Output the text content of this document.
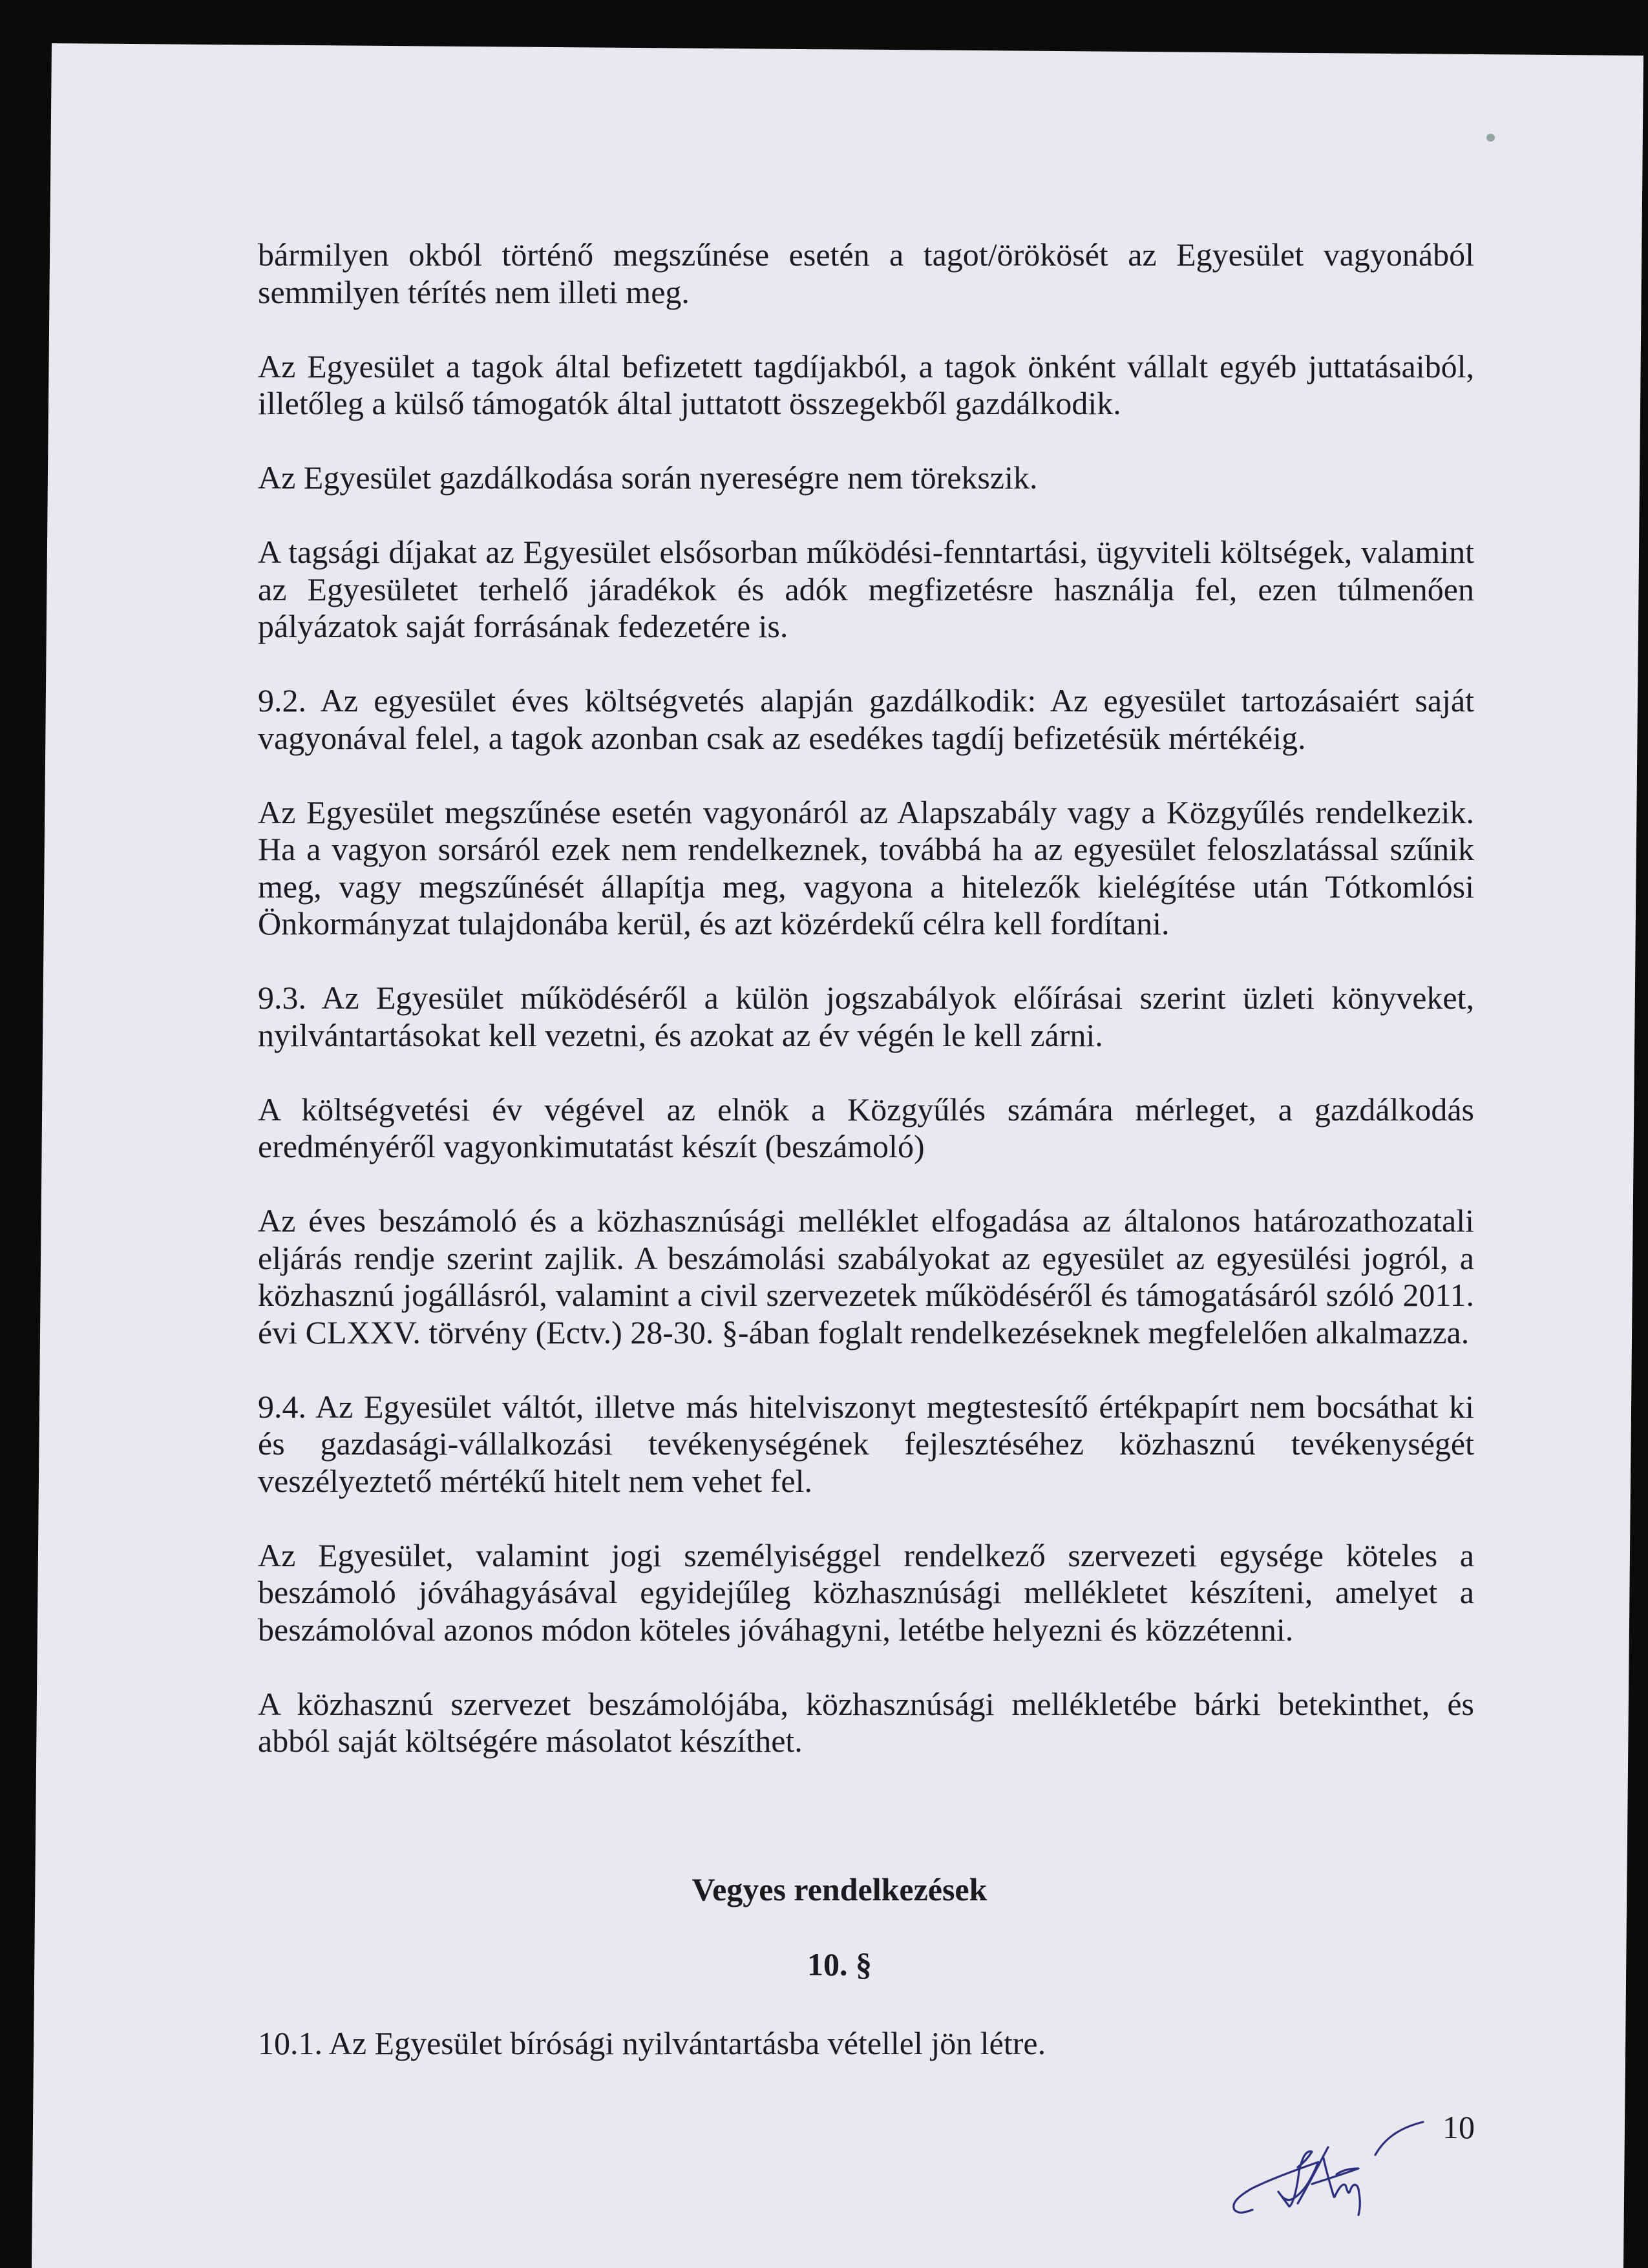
bármilyen okból történő megszűnése esetén a tagot/örökösét az Egyesület vagyonából semmilyen térítés nem illeti meg.

Az Egyesület a tagok által befizetett tagdíjakból, a tagok önként vállalt egyéb juttatásaiból, illetőleg a külső támogatók által juttatott összegekből gazdálkodik.

Az Egyesület gazdálkodása során nyereségre nem törekszik.

A tagsági díjakat az Egyesület elsősorban működési-fenntartási, ügyviteli költségek, valamint az Egyesületet terhelő járadékok és adók megfizetésre használja fel, ezen túlmenően pályázatok saját forrásának fedezetére is.

9.2. Az egyesület éves költségvetés alapján gazdálkodik: Az egyesület tartozásaiért saját vagyonával felel, a tagok azonban csak az esedékes tagdíj befizetésük mértékéig.

Az Egyesület megszűnése esetén vagyonáról az Alapszabály vagy a Közgyűlés rendelkezik. Ha a vagyon sorsáról ezek nem rendelkeznek, továbbá ha az egyesület feloszlatással szűnik meg, vagy megszűnését állapítja meg, vagyona a hitelezők kielégítése után Tótkomlósi Önkormányzat tulajdonába kerül, és azt közérdekű célra kell fordítani.

9.3. Az Egyesület működéséről a külön jogszabályok előírásai szerint üzleti könyveket, nyilvántartásokat kell vezetni, és azokat az év végén le kell zárni.

A költségvetési év végével az elnök a Közgyűlés számára mérleget, a gazdálkodás eredményéről vagyonkimutatást készít (beszámoló)

Az éves beszámoló és a közhasznúsági melléklet elfogadása az általonos határozathozatali eljárás rendje szerint zajlik. A beszámolási szabályokat az egyesület az egyesülési jogról, a közhasznú jogállásról, valamint a civil szervezetek működéséről és támogatásáról szóló 2011. évi CLXXV. törvény (Ectv.) 28-30. §-ában foglalt rendelkezéseknek megfelelően alkalmazza.

9.4. Az Egyesület váltót, illetve más hitelviszonyt megtestesítő értékpapírt nem bocsáthat ki és gazdasági-vállalkozási tevékenységének fejlesztéséhez közhasznú tevékenységét veszélyeztető mértékű hitelt nem vehet fel.

Az Egyesület, valamint jogi személyiséggel rendelkező szervezeti egysége köteles a beszámoló jóváhagyásával egyidejűleg közhasznúsági mellékletet készíteni, amelyet a beszámolóval azonos módon köteles jóváhagyni, letétbe helyezni és közzétenni.

A közhasznú szervezet beszámolójába, közhasznúsági mellékletébe bárki betekinthet, és abból saját költségére másolatot készíthet.

Vegyes rendelkezések
10. §

10.1. Az Egyesület bírósági nyilvántartásba vétellel jön létre.

10
